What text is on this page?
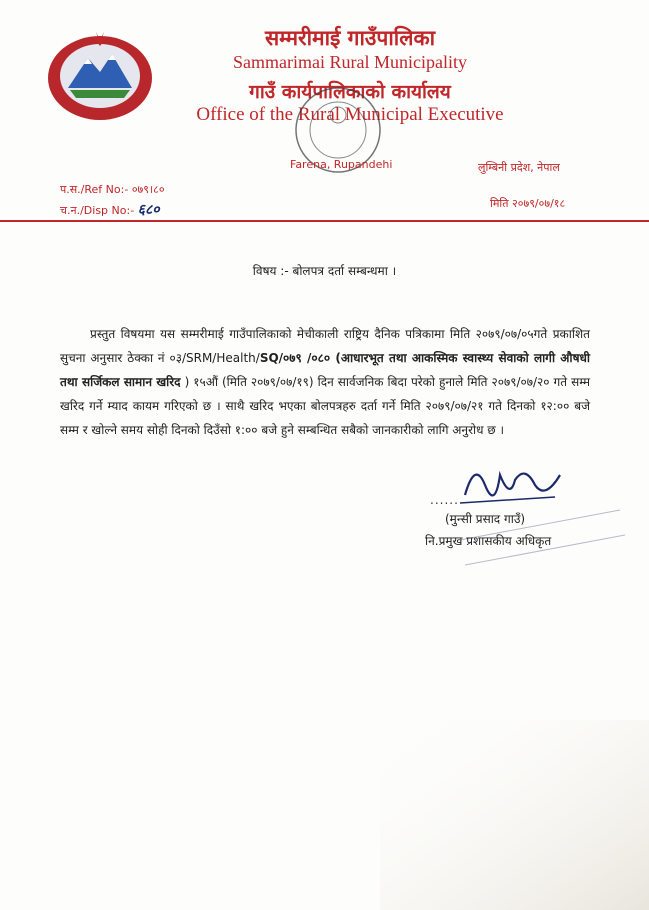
सम्मरीमाई गाउँपालिका
Sammarimai Rural Municipality
गाउँ कार्यपालिकाको कार्यालय
Office of the Rural Municipal Executive
Farena, Rupandehi	लुम्बिनी प्रदेश, नेपाल
प.स./Ref No:- ०७९।८०
च.न./Disp No:- ६८०	मिति २०७९/०७/१८
विषय :- बोलपत्र दर्ता सम्बन्धमा ।
प्रस्तुत विषयमा यस सम्मरीमाई गाउँपालिकाको मेचीकाली राष्ट्रिय दैनिक पत्रिकामा मिति २०७९/०७/०५गते प्रकाशित सुचना अनुसार ठेक्का नं ०३/SRM/Health/SQ/०७९ /०८० (आधारभूत तथा आकस्मिक स्वास्थ्य सेवाको लागी औषधी तथा सर्जिकल सामान खरिद ) १५औं (मिति २०७९/०७/१९) दिन सार्वजनिक बिदा परेको हुनाले मिति २०७९/०७/२० गते सम्म खरिद गर्ने म्याद कायम गरिएको छ । साथै खरिद भएका बोलपत्रहरु दर्ता गर्ने मिति २०७९/०७/२१ गते दिनको १२:०० बजे सम्म र खोल्ने समय सोही दिनको दिउँसो १:०० बजे हुने सम्बन्धित सबैको जानकारीको लागि अनुरोध छ ।
......
(मुन्सी प्रसाद गाउँ)
नि.प्रमुख प्रशासकीय अधिकृत
